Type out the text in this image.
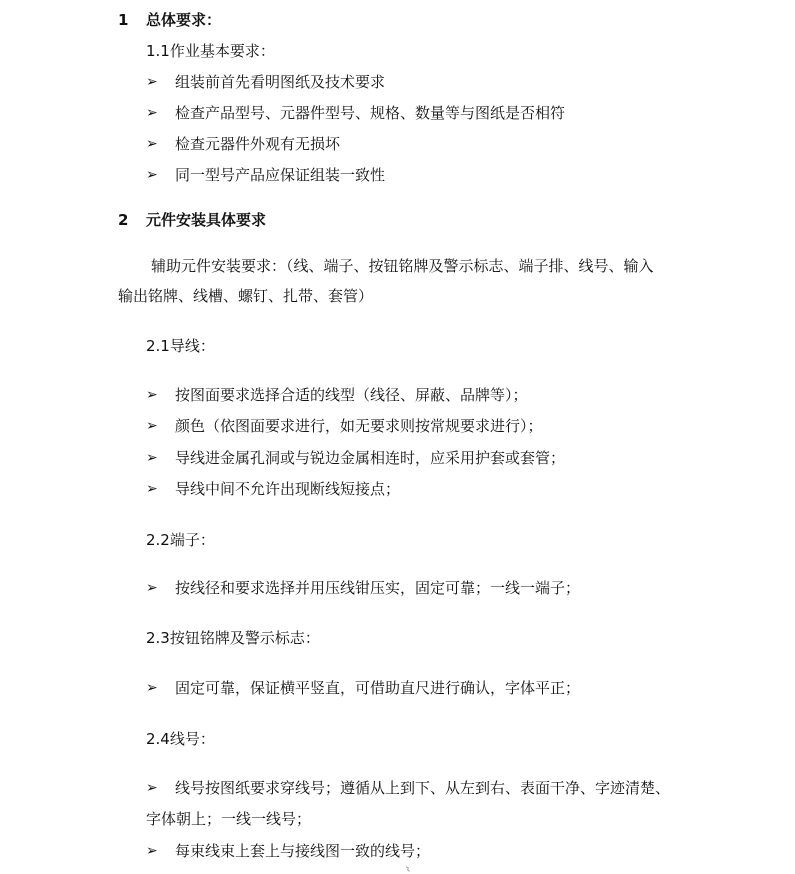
1 总体要求：
1.1作业基本要求：
➢ 组装前首先看明图纸及技术要求
➢ 检查产品型号、元器件型号、规格、数量等与图纸是否相符
➢ 检查元器件外观有无损坏
➢ 同一型号产品应保证组装一致性
2 元件安装具体要求
辅助元件安装要求：（线、端子、按钮铭牌及警示标志、端子排、线号、输入
输出铭牌、线槽、螺钉、扎带、套管）
2.1导线：
➢ 按图面要求选择合适的线型（线径、屏蔽、品牌等）；
➢ 颜色（依图面要求进行，如无要求则按常规要求进行）；
➢ 导线进金属孔洞或与锐边金属相连时，应采用护套或套管；
➢ 导线中间不允许出现断线短接点；
2.2端子：
➢ 按线径和要求选择并用压线钳压实，固定可靠；一线一端子；
2.3按钮铭牌及警示标志：
➢ 固定可靠，保证横平竖直，可借助直尺进行确认，字体平正；
2.4线号：
➢ 线号按图纸要求穿线号；遵循从上到下、从左到右、表面干净、字迹清楚、
字体朝上；一线一线号；
➢ 每束线束上套上与接线图一致的线号；
